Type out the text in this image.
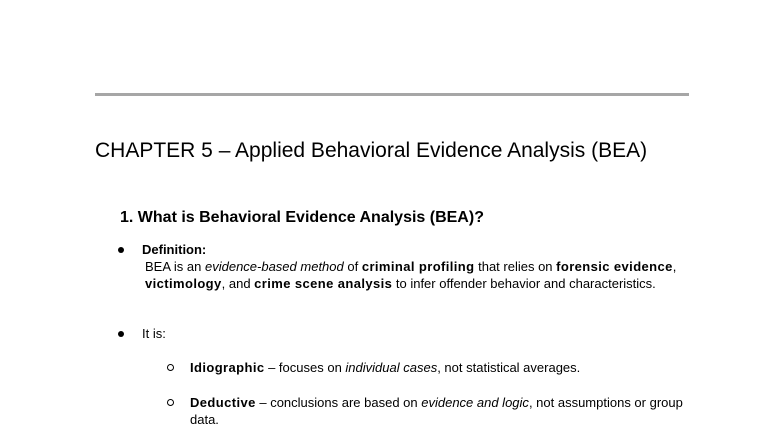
CHAPTER 5 – Applied Behavioral Evidence Analysis (BEA)
1. What is Behavioral Evidence Analysis (BEA)?
Definition:
BEA is an evidence-based method of criminal profiling that relies on forensic evidence, victimology, and crime scene analysis to infer offender behavior and characteristics.
It is:
Idiographic – focuses on individual cases, not statistical averages.
Deductive – conclusions are based on evidence and logic, not assumptions or group data.
